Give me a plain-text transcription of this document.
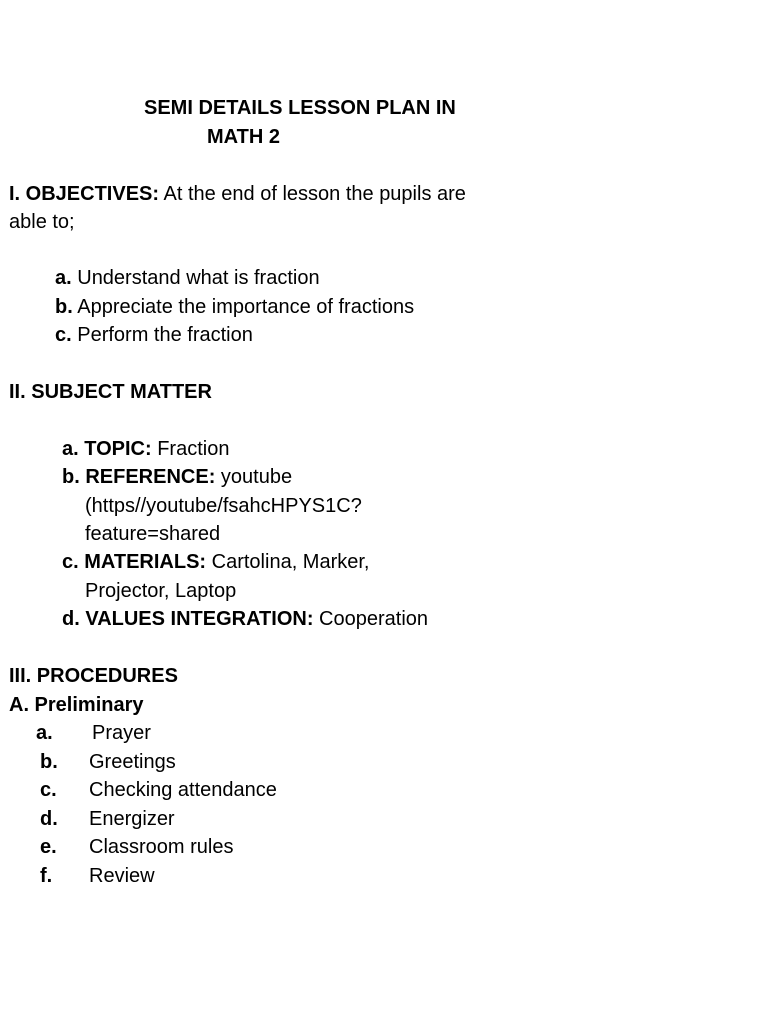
SEMI DETAILS LESSON PLAN IN
MATH 2
I. OBJECTIVES: At the end of lesson the pupils are
able to;
a. Understand what is fraction
b. Appreciate the importance of fractions
c. Perform the fraction
II. SUBJECT MATTER
a. TOPIC: Fraction
b. REFERENCE: youtube
(https//youtube/fsahcHPYS1C?
feature=shared
c. MATERIALS: Cartolina, Marker,
Projector, Laptop
d. VALUES INTEGRATION: Cooperation
III. PROCEDURES
A. Preliminary
a. Prayer
b. Greetings
c. Checking attendance
d. Energizer
e. Classroom rules
f. Review
